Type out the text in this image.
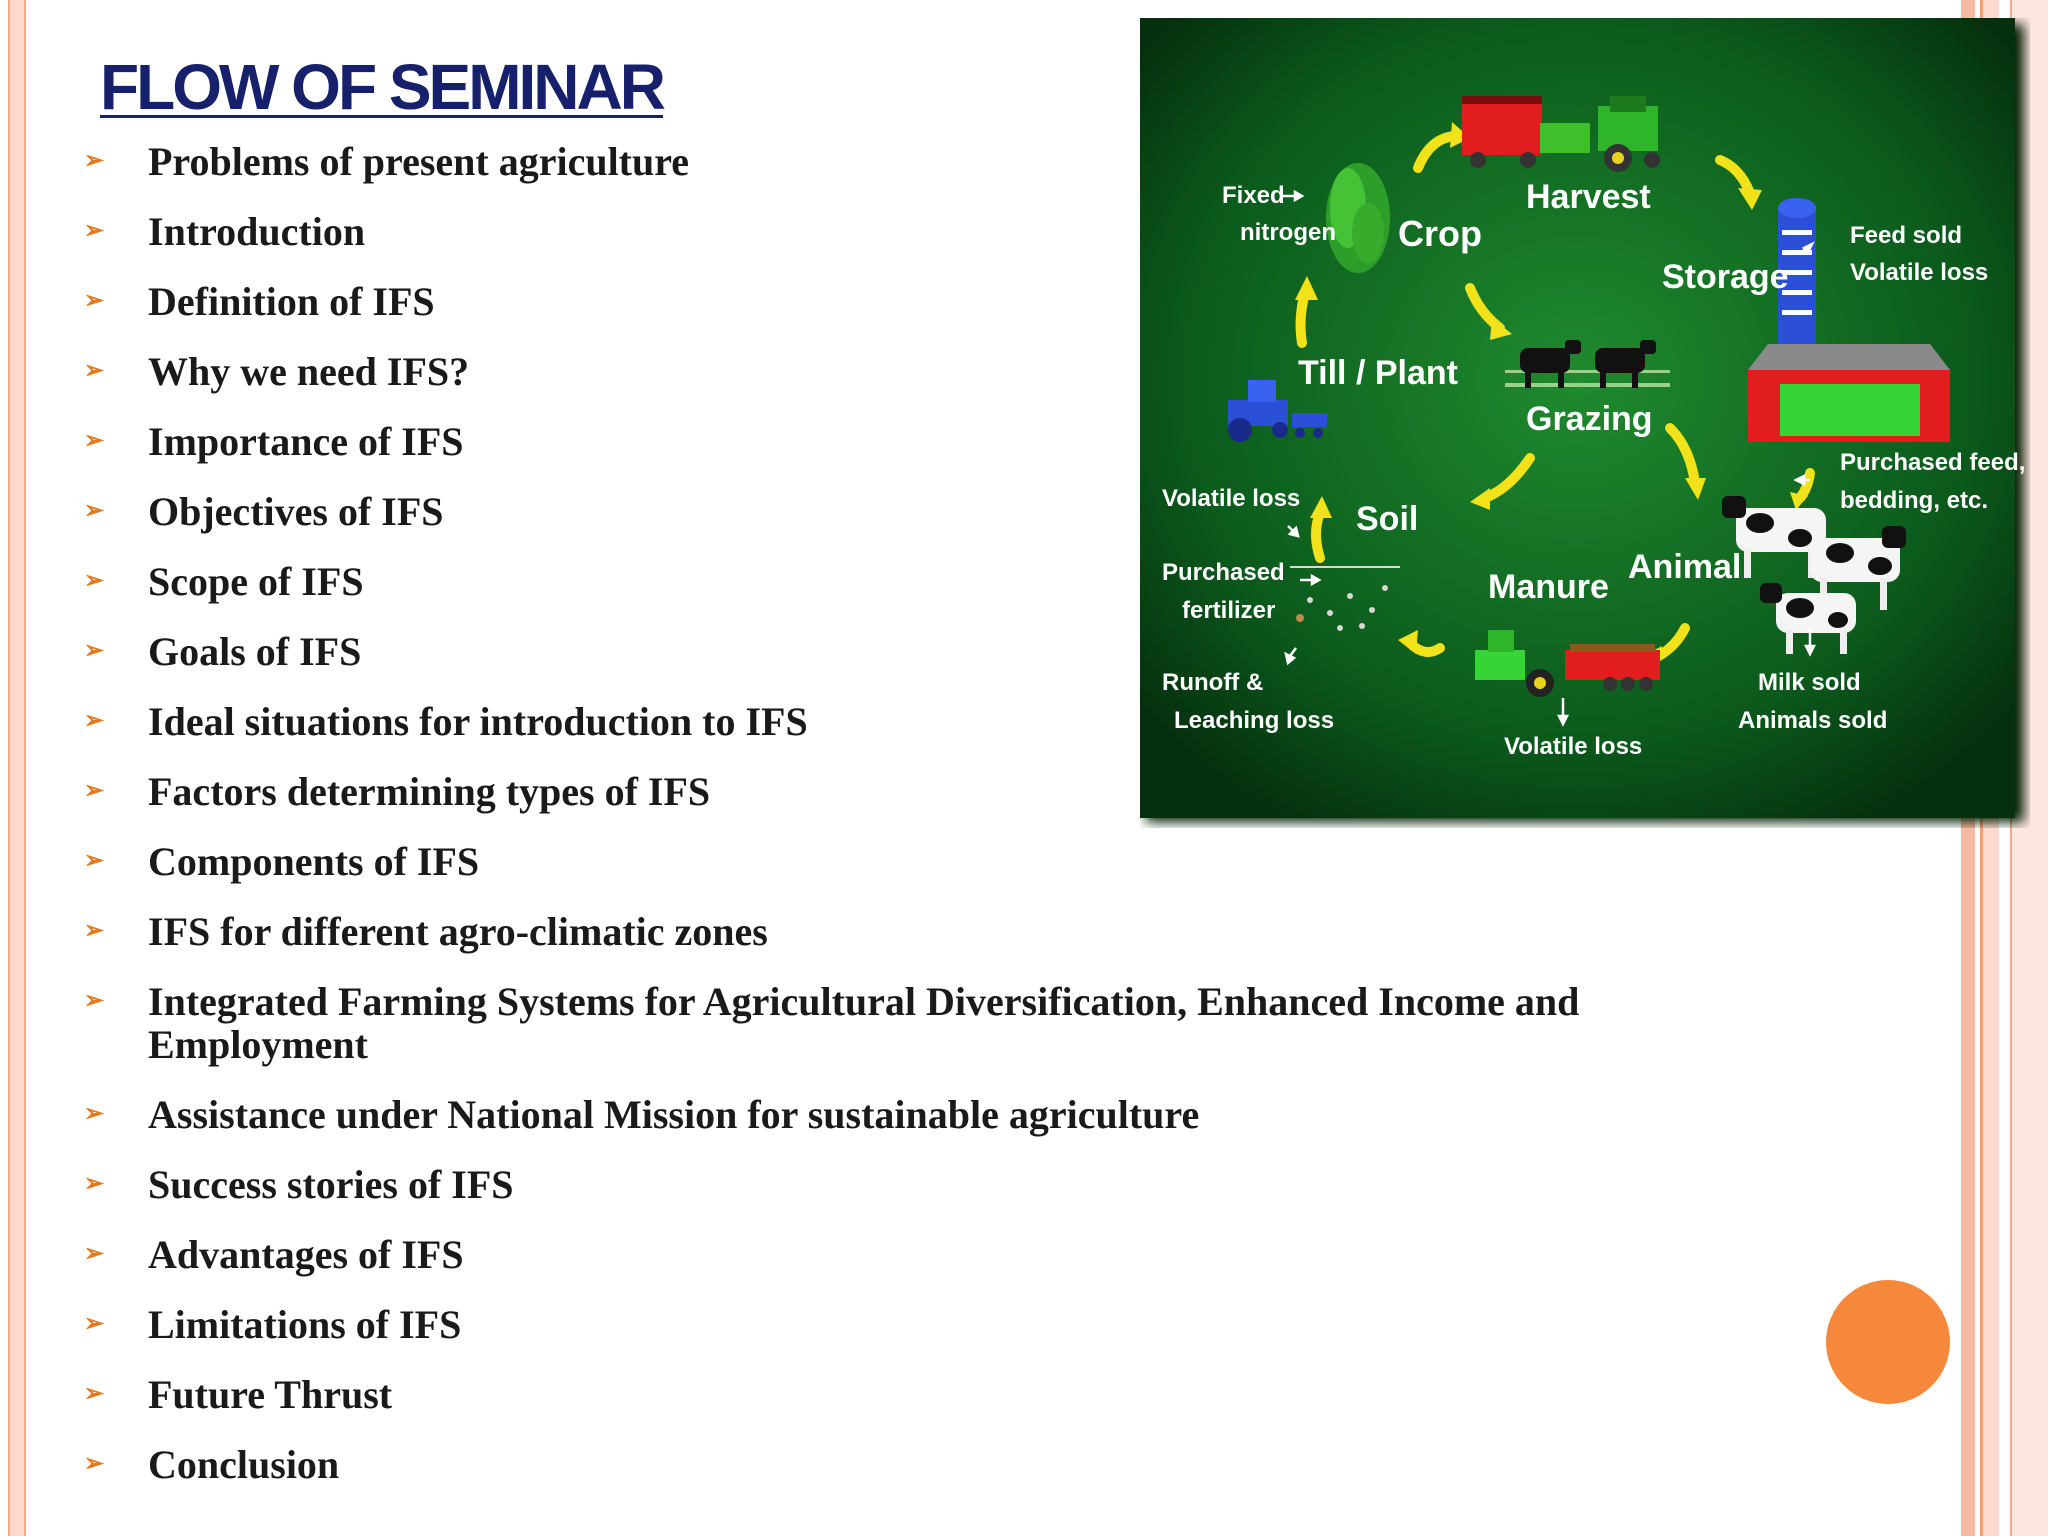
FLOW OF SEMINAR
➢	Problems of present agriculture
➢	Introduction
➢	Definition of IFS
➢	Why we need IFS?
➢	Importance of IFS
➢	Objectives of IFS
➢	Scope of IFS
➢	Goals of IFS
➢	Ideal situations for introduction to IFS
➢	Factors determining types of IFS
➢	Components of IFS
➢	IFS for different agro-climatic zones
➢	Integrated Farming Systems for Agricultural Diversification, Enhanced Income and Employment
➢	Assistance under National Mission for sustainable agriculture
➢	Success stories of IFS
➢	Advantages of IFS
➢	Limitations of IFS
➢	Future Thrust
➢	Conclusion
Crop
Harvest
Storage
Grazing
Till / Plant
Soil
Manure
Animal
Fixed
nitrogen	Feed sold
Volatile loss
Purchased feed,
bedding, etc.
Volatile loss
Purchased
fertilizer
Runoff &
Leaching loss
Volatile loss
Milk sold
Animals sold
